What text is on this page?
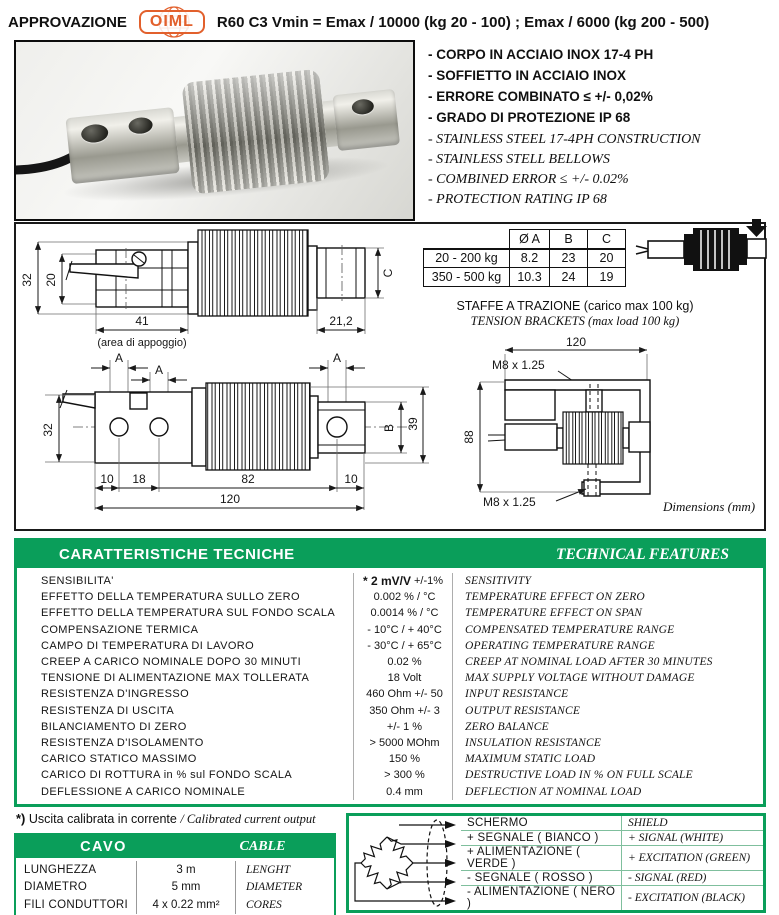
APPROVAZIONE	OIML	R60 C3 Vmin = Emax / 10000 (kg 20 - 100) ; Emax / 6000 (kg 200 - 500)
- CORPO IN ACCIAIO INOX 17-4 PH
- SOFFIETTO IN ACCIAIO INOX
- ERRORE COMBINATO ≤ +/- 0,02%
- GRADO DI PROTEZIONE IP 68
- STAINLESS STEEL 17-4PH CONSTRUCTION
- STAINLESS STELL BELLOWS
- COMBINED ERROR ≤ +/- 0.02%
- PROTECTION RATING IP 68
32 20
C
41
(area di appoggio)
21,2
A
A
A
32	B 39
10 18	82	10
120
120
M8 x 1.25
88
M8 x 1.25
	Ø A	B	C
20 - 200 kg	8.2	23	20
350 - 500 kg	10.3	24	19
STAFFE A TRAZIONE (carico max 100 kg)
TENSION BRACKETS (max load 100 kg)
Dimensions (mm)
CARATTERISTICHE TECNICHE	TECHNICAL FEATURES
SENSIBILITA'	* 2 mV/V +/-1%	SENSITIVITY
EFFETTO DELLA TEMPERATURA SULLO ZERO	0.002 % / °C	TEMPERATURE EFFECT ON ZERO
EFFETTO DELLA TEMPERATURA SUL FONDO SCALA	0.0014 % / °C	TEMPERATURE EFFECT ON SPAN
COMPENSAZIONE TERMICA	- 10°C / + 40°C	COMPENSATED TEMPERATURE RANGE
CAMPO DI TEMPERATURA DI LAVORO	- 30°C / + 65°C	OPERATING TEMPERATURE RANGE
CREEP A CARICO NOMINALE DOPO 30 MINUTI	0.02 %	CREEP AT NOMINAL LOAD AFTER 30 MINUTES
TENSIONE DI ALIMENTAZIONE MAX TOLLERATA	18 Volt	MAX SUPPLY VOLTAGE WITHOUT DAMAGE
RESISTENZA D'INGRESSO	460 Ohm +/- 50	INPUT RESISTANCE
RESISTENZA DI USCITA	350 Ohm +/- 3	OUTPUT RESISTANCE
BILANCIAMENTO DI ZERO	+/- 1 %	ZERO BALANCE
RESISTENZA D'ISOLAMENTO	> 5000 MOhm	INSULATION RESISTANCE
CARICO STATICO MASSIMO	150 %	MAXIMUM STATIC LOAD
CARICO DI ROTTURA in % sul FONDO SCALA	> 300 %	DESTRUCTIVE LOAD IN % ON FULL SCALE
DEFLESSIONE A CARICO NOMINALE	0.4 mm	DEFLECTION AT NOMINAL LOAD
*) Uscita calibrata in corrente / Calibrated current output
CAVO	CABLE
LUNGHEZZA	3 m	LENGHT
DIAMETRO	5 mm	DIAMETER
FILI CONDUTTORI	4 x 0.22 mm²	CORES
SCHERMO	SHIELD
+ SEGNALE ( BIANCO )	+ SIGNAL (WHITE)
+ ALIMENTAZIONE ( VERDE )	+ EXCITATION (GREEN)
- SEGNALE ( ROSSO )	- SIGNAL (RED)
- ALIMENTAZIONE ( NERO )	- EXCITATION (BLACK)
